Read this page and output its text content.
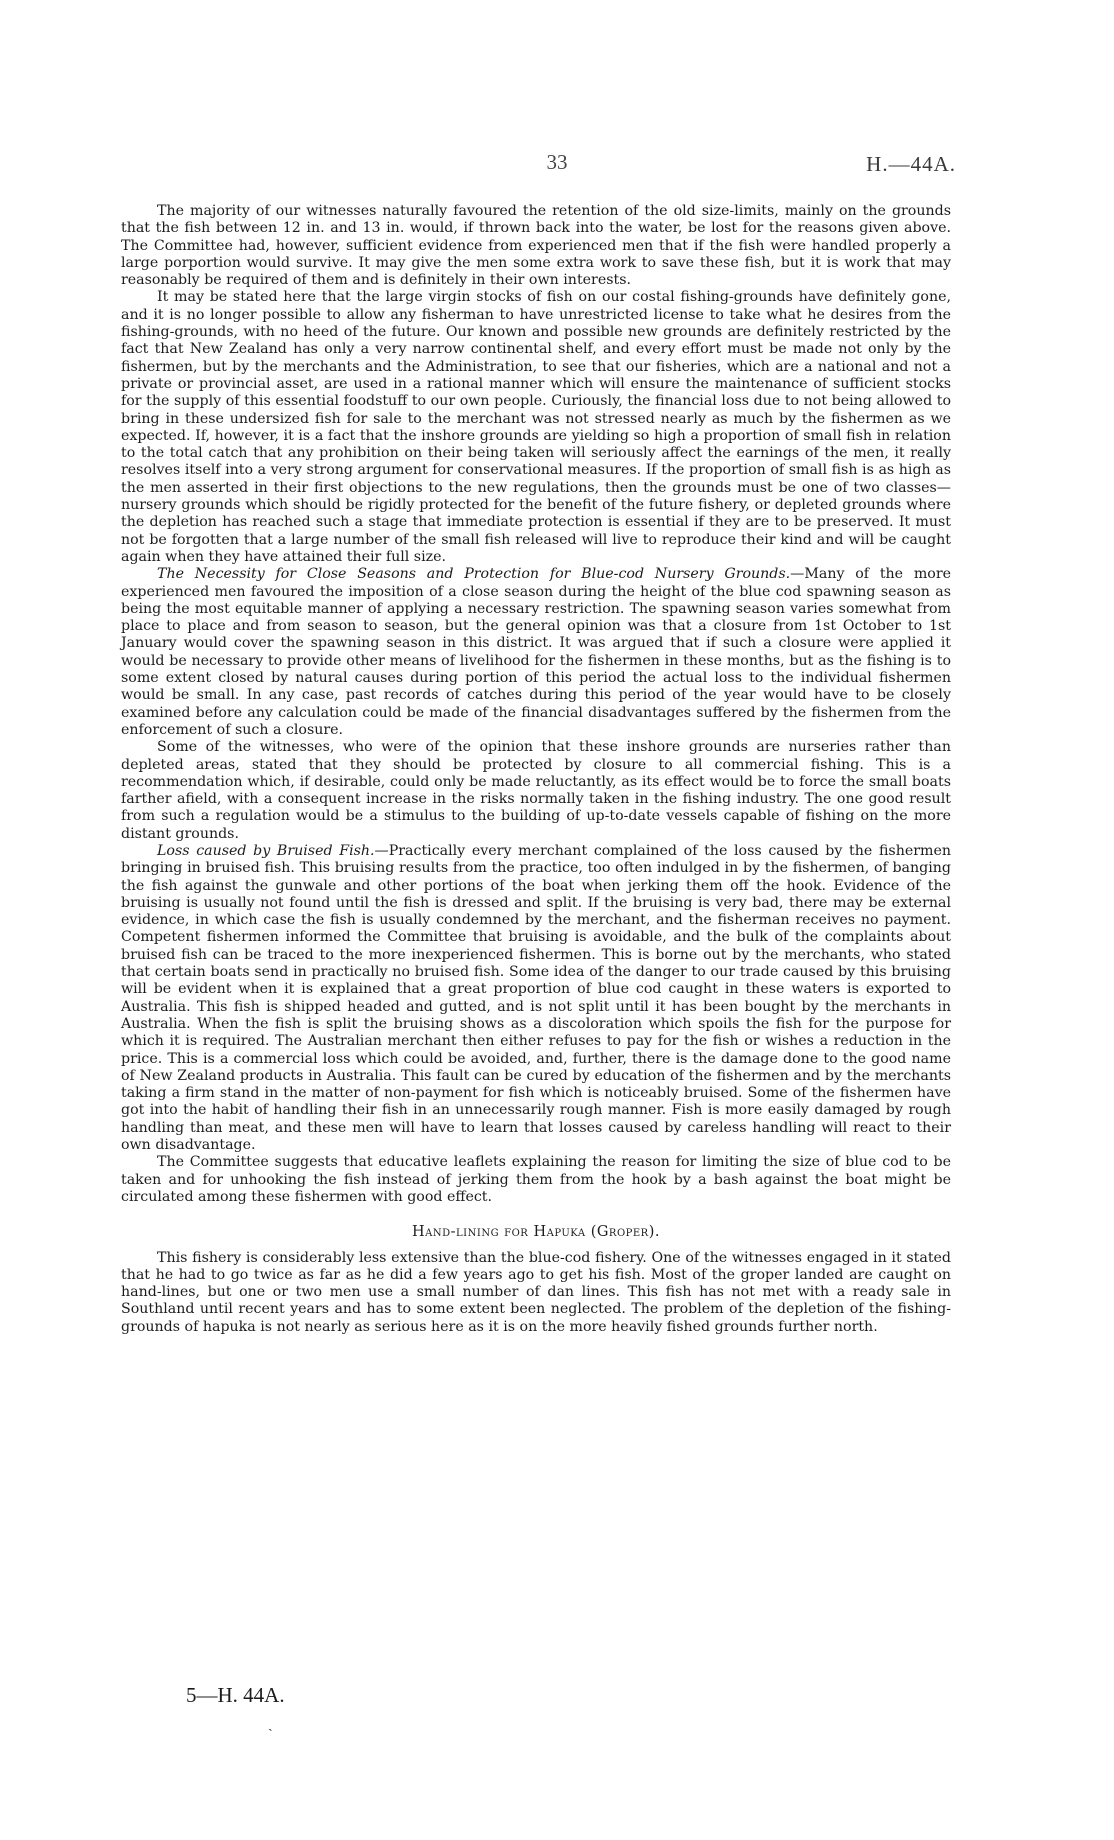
33	H.—44A.

The majority of our witnesses naturally favoured the retention of the old size-limits, mainly on the grounds that the fish between 12 in. and 13 in. would, if thrown back into the water, be lost for the reasons given above. The Committee had, however, sufficient evidence from experienced men that if the fish were handled properly a large porportion would survive. It may give the men some extra work to save these fish, but it is work that may reasonably be required of them and is definitely in their own interests.

It may be stated here that the large virgin stocks of fish on our costal fishing-grounds have definitely gone, and it is no longer possible to allow any fisherman to have unrestricted license to take what he desires from the fishing-grounds, with no heed of the future. Our known and possible new grounds are definitely restricted by the fact that New Zealand has only a very narrow continental shelf, and every effort must be made not only by the fishermen, but by the merchants and the Administration, to see that our fisheries, which are a national and not a private or provincial asset, are used in a rational manner which will ensure the maintenance of sufficient stocks for the supply of this essential foodstuff to our own people. Curiously, the financial loss due to not being allowed to bring in these undersized fish for sale to the merchant was not stressed nearly as much by the fishermen as we expected. If, however, it is a fact that the inshore grounds are yielding so high a proportion of small fish in relation to the total catch that any prohibition on their being taken will seriously affect the earnings of the men, it really resolves itself into a very strong argument for conservational measures. If the proportion of small fish is as high as the men asserted in their first objections to the new regulations, then the grounds must be one of two classes—nursery grounds which should be rigidly protected for the benefit of the future fishery, or depleted grounds where the depletion has reached such a stage that immediate protection is essential if they are to be preserved. It must not be forgotten that a large number of the small fish released will live to reproduce their kind and will be caught again when they have attained their full size.

The Necessity for Close Seasons and Protection for Blue-cod Nursery Grounds.—Many of the more experienced men favoured the imposition of a close season during the height of the blue cod spawning season as being the most equitable manner of applying a necessary restriction. The spawning season varies somewhat from place to place and from season to season, but the general opinion was that a closure from 1st October to 1st January would cover the spawning season in this district. It was argued that if such a closure were applied it would be necessary to provide other means of livelihood for the fishermen in these months, but as the fishing is to some extent closed by natural causes during portion of this period the actual loss to the individual fishermen would be small. In any case, past records of catches during this period of the year would have to be closely examined before any calculation could be made of the financial disadvantages suffered by the fishermen from the enforcement of such a closure.

Some of the witnesses, who were of the opinion that these inshore grounds are nurseries rather than depleted areas, stated that they should be protected by closure to all commercial fishing. This is a recommendation which, if desirable, could only be made reluctantly, as its effect would be to force the small boats farther afield, with a consequent increase in the risks normally taken in the fishing industry. The one good result from such a regulation would be a stimulus to the building of up-to-date vessels capable of fishing on the more distant grounds.

Loss caused by Bruised Fish.—Practically every merchant complained of the loss caused by the fishermen bringing in bruised fish. This bruising results from the practice, too often indulged in by the fishermen, of banging the fish against the gunwale and other portions of the boat when jerking them off the hook. Evidence of the bruising is usually not found until the fish is dressed and split. If the bruising is very bad, there may be external evidence, in which case the fish is usually condemned by the merchant, and the fisherman receives no payment. Competent fishermen informed the Committee that bruising is avoidable, and the bulk of the complaints about bruised fish can be traced to the more inexperienced fishermen. This is borne out by the merchants, who stated that certain boats send in practically no bruised fish. Some idea of the danger to our trade caused by this bruising will be evident when it is explained that a great proportion of blue cod caught in these waters is exported to Australia. This fish is shipped headed and gutted, and is not split until it has been bought by the merchants in Australia. When the fish is split the bruising shows as a discoloration which spoils the fish for the purpose for which it is required. The Australian merchant then either refuses to pay for the fish or wishes a reduction in the price. This is a commercial loss which could be avoided, and, further, there is the damage done to the good name of New Zealand products in Australia. This fault can be cured by education of the fishermen and by the merchants taking a firm stand in the matter of non-payment for fish which is noticeably bruised. Some of the fishermen have got into the habit of handling their fish in an unnecessarily rough manner. Fish is more easily damaged by rough handling than meat, and these men will have to learn that losses caused by careless handling will react to their own disadvantage.

The Committee suggests that educative leaflets explaining the reason for limiting the size of blue cod to be taken and for unhooking the fish instead of jerking them from the hook by a bash against the boat might be circulated among these fishermen with good effect.

Hand-lining for Hapuka (Groper).

This fishery is considerably less extensive than the blue-cod fishery. One of the witnesses engaged in it stated that he had to go twice as far as he did a few years ago to get his fish. Most of the groper landed are caught on hand-lines, but one or two men use a small number of dan lines. This fish has not met with a ready sale in Southland until recent years and has to some extent been neglected. The problem of the depletion of the fishing-grounds of hapuka is not nearly as serious here as it is on the more heavily fished grounds further north.

5—H. 44A.
ˎ
